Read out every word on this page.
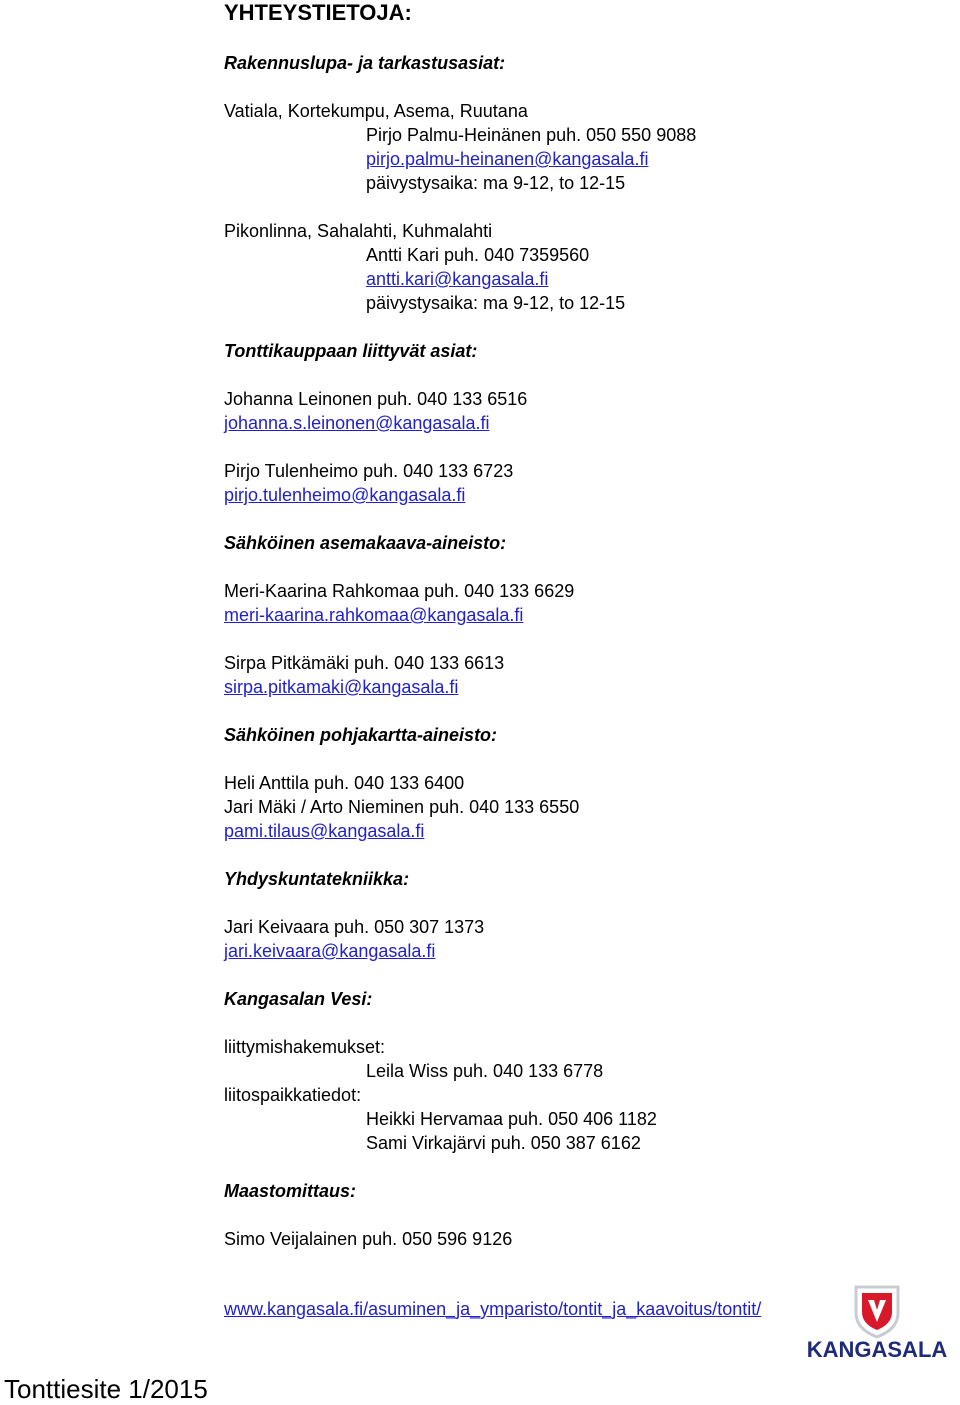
YHTEYSTIETOJA:
Rakennuslupa- ja tarkastusasiat:
Vatiala, Kortekumpu, Asema, Ruutana
Pirjo Palmu-Heinänen puh. 050 550 9088
pirjo.palmu-heinanen@kangasala.fi
päivystysaika: ma 9-12, to 12-15
Pikonlinna, Sahalahti, Kuhmalahti
Antti Kari puh. 040 7359560
antti.kari@kangasala.fi
päivystysaika: ma 9-12, to 12-15
Tonttikauppaan liittyvät asiat:
Johanna Leinonen puh. 040 133 6516
johanna.s.leinonen@kangasala.fi
Pirjo Tulenheimo puh. 040 133 6723
pirjo.tulenheimo@kangasala.fi
Sähköinen asemakaava-aineisto:
Meri-Kaarina Rahkomaa puh. 040 133 6629
meri-kaarina.rahkomaa@kangasala.fi
Sirpa Pitkämäki puh. 040 133 6613
sirpa.pitkamaki@kangasala.fi
Sähköinen pohjakartta-aineisto:
Heli Anttila puh. 040 133 6400
Jari Mäki / Arto Nieminen puh. 040 133 6550
pami.tilaus@kangasala.fi
Yhdyskuntatekniikka:
Jari Keivaara puh. 050 307 1373
jari.keivaara@kangasala.fi
Kangasalan Vesi:
liittymishakemukset:
Leila Wiss puh. 040 133 6778
liitospaikkatiedot:
Heikki Hervamaa puh. 050 406 1182
Sami Virkajärvi puh. 050 387 6162
Maastomittaus:
Simo Veijalainen puh. 050 596 9126
www.kangasala.fi/asuminen_ja_ymparisto/tontit_ja_kaavoitus/tontit/
Tonttiesite 1/2015
KANGASALA
